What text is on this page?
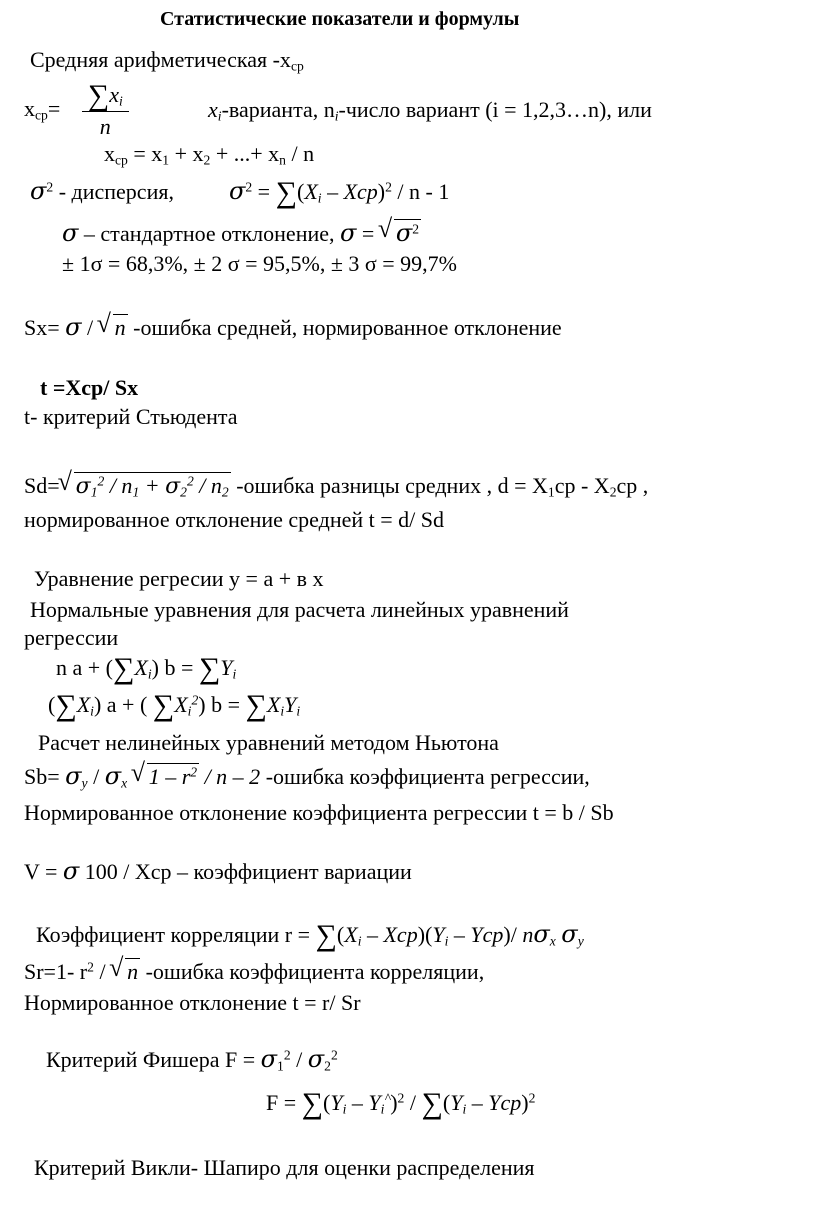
Статистические показатели и формулы
Средняя арифметическая $-x_{ср}$
$x_{ср}= \frac{\sum x_i}{n}$	$x_i$-варианта, $n_i$-число вариант (i = 1,2,3…n), или
$x_{ср} = x_1 + x_2$ + ...+ $x_n$ / n
$\sigma^2$ - дисперсия, $\sigma^2 = \sum(X_i - Xcp)^2 / n - 1$
σ – стандартное отклонение, σ = √ $\sigma^2$
± 1σ = 68,3%, ± 2 σ = 95,5%, ± 3 σ = 99,7%
Sx= σ / √ n -ошибка средней, нормированное отклонение
t =Xcp/ Sx
t- критерий Стьюдента
Sd= √ $\sigma_1^2 / n_1 + \sigma_2^2 / n_2$ -ошибка разницы средних , $d = X_1cp - X_2cp$ ,
нормированное отклонение средней t = d/ Sd
Уравнение регресии y = a + в x
Нормальные уравнения для расчета линейных уравнений
регрессии
n $a + (\sum X_i) b = \sum Y_i$
$(\sum X_i) a$ + ( $\sum X_i^2$) $b = \sum X_iY_i$
Расчет нелинейных уравнений методом Ньютона
$Sb= \sigma_y / \sigma_x$ √ $1 - r^2$ / n – 2 -ошибка коэффициента регрессии,
Нормированное отклонение коэффициента регрессии t = b / Sb
V = σ 100 / Xcp – коэффициент вариации
Коэффициент корреляции $r = \sum(X_i - Xcp)(Y_i - Ycp)/$ $n\sigma_x$ $\sigma_y$
Sr=1- $r^2$ / √ n -ошибка коэффициента корреляции,
Нормированное отклонение t = r/ Sr
Критерий Фишера $F = \sigma_1^2 / \sigma_2^2$
$F = \sum(Y_i - Y_i^{\^{}})^2 / \sum(Y_i - Ycp)^2$
Критерий Викли- Шапиро для оценки распределения
